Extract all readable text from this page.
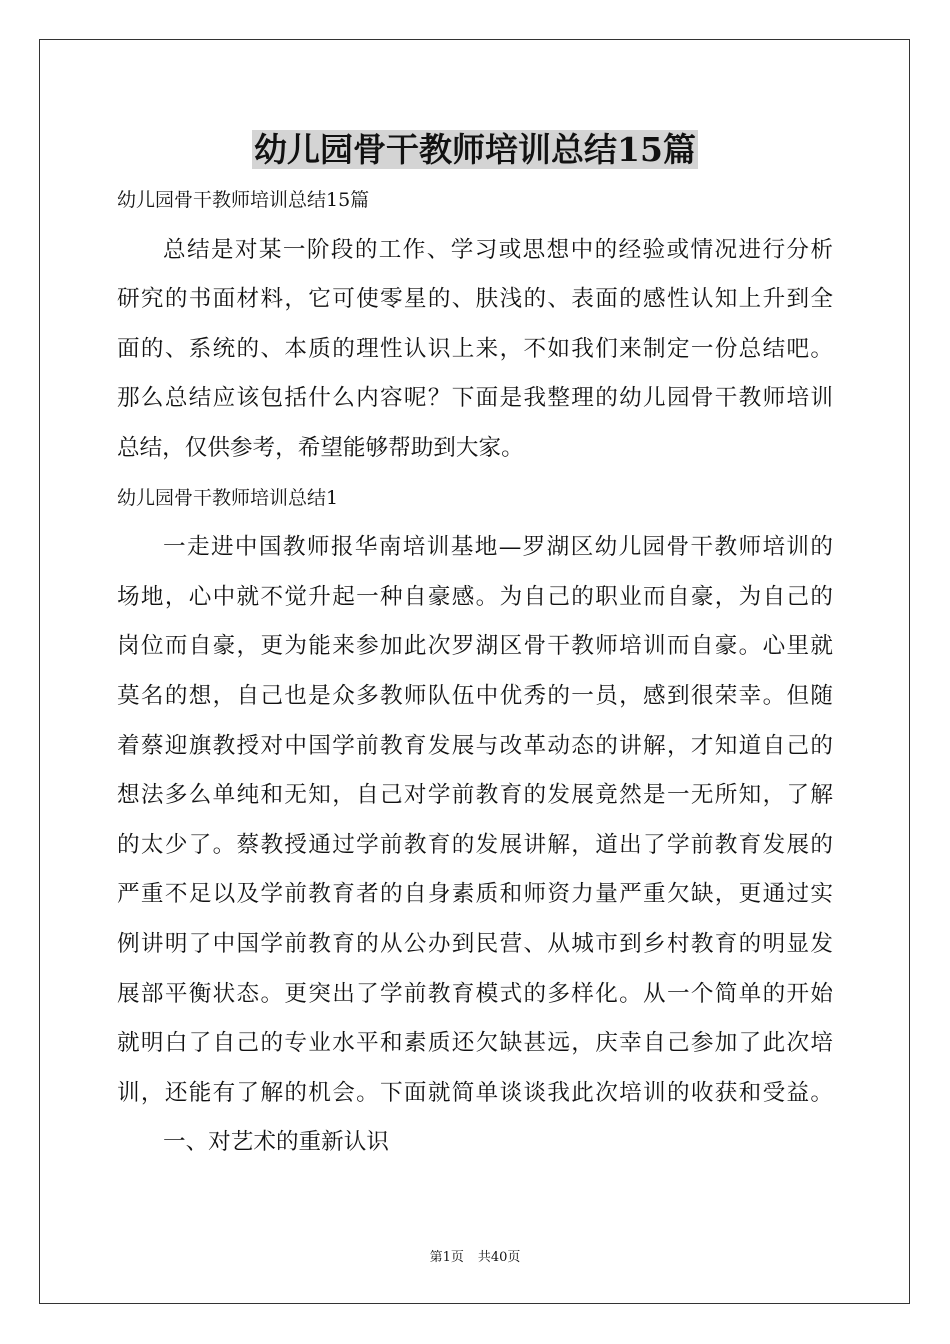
幼儿园骨干教师培训总结15篇
幼儿园骨干教师培训总结15篇
总结是对某一阶段的工作、学习或思想中的经验或情况进行分析
研究的书面材料，它可使零星的、肤浅的、表面的感性认知上升到全
面的、系统的、本质的理性认识上来，不如我们来制定一份总结吧。
那么总结应该包括什么内容呢？下面是我整理的幼儿园骨干教师培训
总结，仅供参考，希望能够帮助到大家。
幼儿园骨干教师培训总结1
一走进中国教师报华南培训基地—罗湖区幼儿园骨干教师培训的
场地，心中就不觉升起一种自豪感。为自己的职业而自豪，为自己的
岗位而自豪，更为能来参加此次罗湖区骨干教师培训而自豪。心里就
莫名的想，自己也是众多教师队伍中优秀的一员，感到很荣幸。但随
着蔡迎旗教授对中国学前教育发展与改革动态的讲解，才知道自己的
想法多么单纯和无知，自己对学前教育的发展竟然是一无所知，了解
的太少了。蔡教授通过学前教育的发展讲解，道出了学前教育发展的
严重不足以及学前教育者的自身素质和师资力量严重欠缺，更通过实
例讲明了中国学前教育的从公办到民营、从城市到乡村教育的明显发
展部平衡状态。更突出了学前教育模式的多样化。从一个简单的开始
就明白了自己的专业水平和素质还欠缺甚远，庆幸自己参加了此次培
训，还能有了解的机会。下面就简单谈谈我此次培训的收获和受益。
一、对艺术的重新认识
第1页 共40页
